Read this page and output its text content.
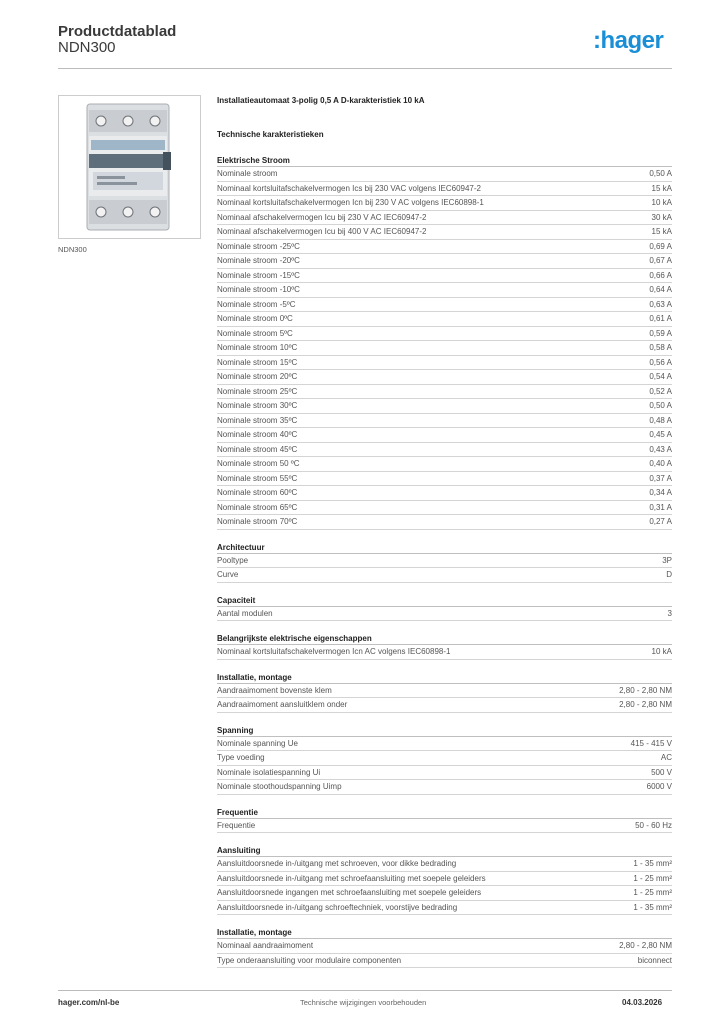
Productdatablad
NDN300	:hager
NDN300
Installatieautomaat 3-polig 0,5 A D-karakteristiek 10 kA
Technische karakteristieken
Elektrische Stroom
Nominale stroom	0,50 A
Nominaal kortsluitafschakelvermogen Ics bij 230 VAC volgens IEC60947-2	15 kA
Nominaal kortsluitafschakelvermogen Icn bij 230 V AC volgens IEC60898-1	10 kA
Nominaal afschakelvermogen Icu bij 230 V AC IEC60947-2	30 kA
Nominaal afschakelvermogen Icu bij 400 V AC IEC60947-2	15 kA
Nominale stroom -25ºC	0,69 A
Nominale stroom -20ºC	0,67 A
Nominale stroom -15ºC	0,66 A
Nominale stroom -10ºC	0,64 A
Nominale stroom -5ºC	0,63 A
Nominale stroom 0ºC	0,61 A
Nominale stroom 5ºC	0,59 A
Nominale stroom 10ºC	0,58 A
Nominale stroom 15ºC	0,56 A
Nominale stroom 20ºC	0,54 A
Nominale stroom 25ºC	0,52 A
Nominale stroom 30ºC	0,50 A
Nominale stroom 35ºC	0,48 A
Nominale stroom 40ºC	0,45 A
Nominale stroom 45ºC	0,43 A
Nominale stroom 50 ºC	0,40 A
Nominale stroom 55ºC	0,37 A
Nominale stroom 60ºC	0,34 A
Nominale stroom 65ºC	0,31 A
Nominale stroom 70ºC	0,27 A
Architectuur
Pooltype	3P
Curve	D
Capaciteit
Aantal modulen	3
Belangrijkste elektrische eigenschappen
Nominaal kortsluitafschakelvermogen Icn AC volgens IEC60898-1	10 kA
Installatie, montage
Aandraaimoment bovenste klem	2,80 - 2,80 NM
Aandraaimoment aansluitklem onder	2,80 - 2,80 NM
Spanning
Nominale spanning Ue	415 - 415 V
Type voeding	AC
Nominale isolatiespanning Ui	500 V
Nominale stoothoudspanning Uimp	6000 V
Frequentie
Frequentie	50 - 60 Hz
Aansluiting
Aansluitdoorsnede in-/uitgang met schroeven, voor dikke bedrading	1 - 35 mm²
Aansluitdoorsnede in-/uitgang met schroefaansluiting met soepele geleiders	1 - 25 mm²
Aansluitdoorsnede ingangen met schroefaansluiting met soepele geleiders	1 - 25 mm²
Aansluitdoorsnede in-/uitgang schroeftechniek, voorstijve bedrading	1 - 35 mm²
Installatie, montage
Nominaal aandraaimoment	2,80 - 2,80 NM
Type onderaansluiting voor modulaire componenten	biconnect
hager.com/nl-be	Technische wijzigingen voorbehouden	04.03.2026
